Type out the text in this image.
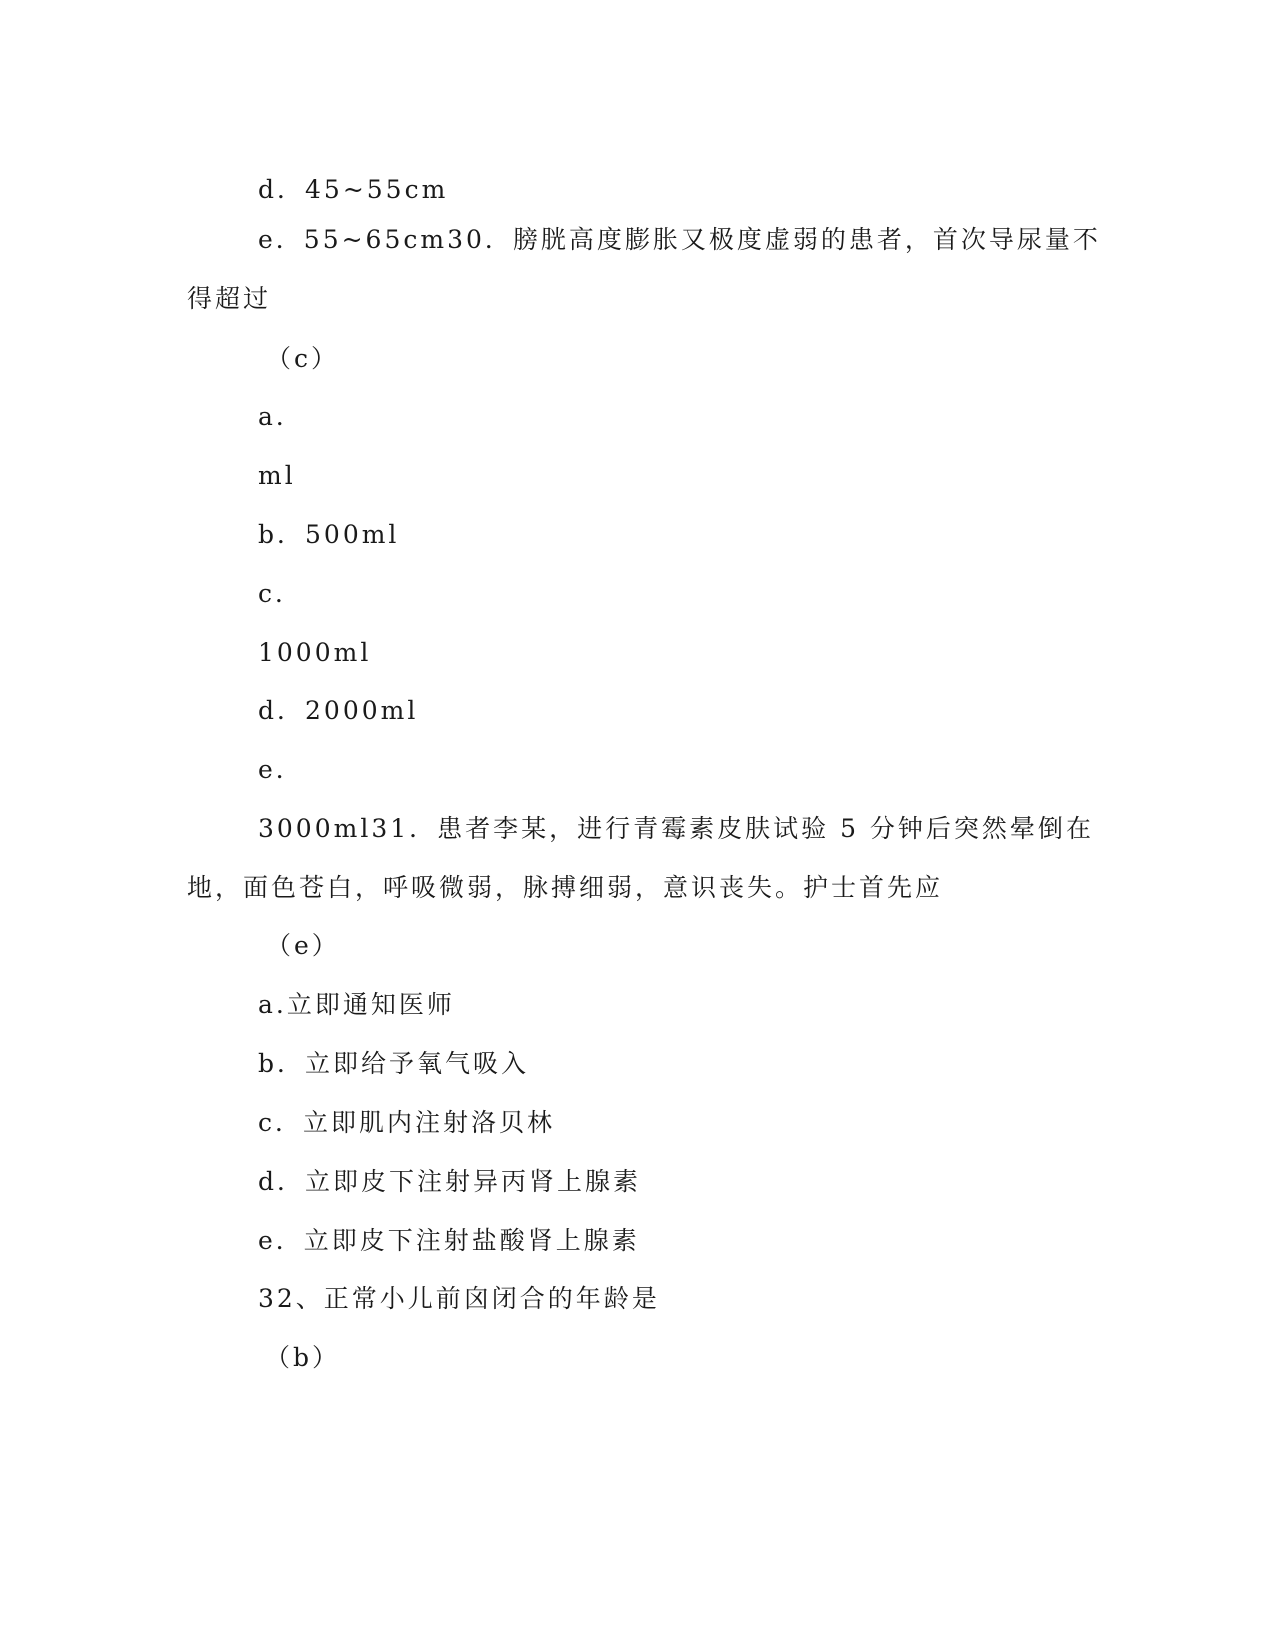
d．45~55cm
e．55~65cm30．膀胱高度膨胀又极度虚弱的患者，首次导尿量不
得超过
（c）
a．
ml
b．500ml
c．
1000ml
d．2000ml
e．
3000ml31．患者李某，进行青霉素皮肤试验 5 分钟后突然晕倒在
地，面色苍白，呼吸微弱，脉搏细弱，意识丧失。护士首先应
（e）
a.立即通知医师
b．立即给予氧气吸入
c．立即肌内注射洛贝林
d．立即皮下注射异丙肾上腺素
e．立即皮下注射盐酸肾上腺素
32、正常小儿前囟闭合的年龄是
（b）
